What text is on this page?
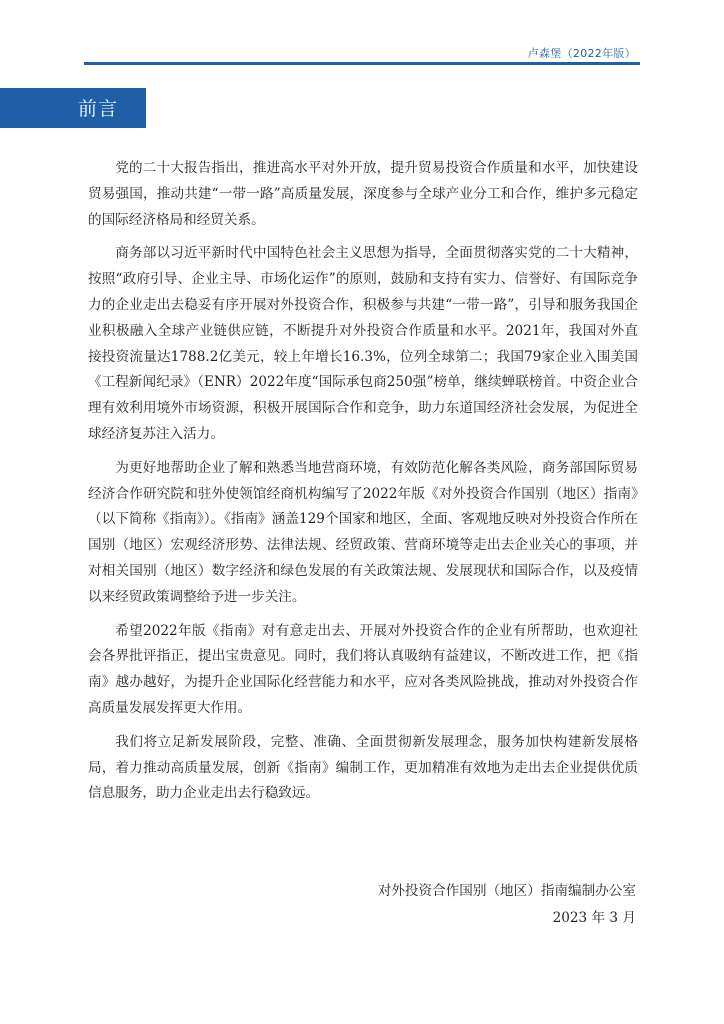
卢森堡（2022年版）
前言

党的二十大报告指出，推进高水平对外开放，提升贸易投资合作质量和水平，加快建设贸易强国，推动共建“一带一路”高质量发展，深度参与全球产业分工和合作，维护多元稳定的国际经济格局和经贸关系。

商务部以习近平新时代中国特色社会主义思想为指导，全面贯彻落实党的二十大精神，按照“政府引导、企业主导、市场化运作”的原则，鼓励和支持有实力、信誉好、有国际竞争力的企业走出去稳妥有序开展对外投资合作，积极参与共建“一带一路”，引导和服务我国企业积极融入全球产业链供应链，不断提升对外投资合作质量和水平。2021年，我国对外直接投资流量达1788.2亿美元，较上年增长16.3%，位列全球第二；我国79家企业入围美国《工程新闻纪录》（ENR）2022年度“国际承包商250强”榜单，继续蝉联榜首。中资企业合理有效利用境外市场资源，积极开展国际合作和竞争，助力东道国经济社会发展，为促进全球经济复苏注入活力。

为更好地帮助企业了解和熟悉当地营商环境，有效防范化解各类风险，商务部国际贸易经济合作研究院和驻外使领馆经商机构编写了2022年版《对外投资合作国别（地区）指南》（以下简称《指南》）。《指南》涵盖129个国家和地区，全面、客观地反映对外投资合作所在国别（地区）宏观经济形势、法律法规、经贸政策、营商环境等走出去企业关心的事项，并对相关国别（地区）数字经济和绿色发展的有关政策法规、发展现状和国际合作，以及疫情以来经贸政策调整给予进一步关注。

希望2022年版《指南》对有意走出去、开展对外投资合作的企业有所帮助，也欢迎社会各界批评指正，提出宝贵意见。同时，我们将认真吸纳有益建议，不断改进工作，把《指南》越办越好，为提升企业国际化经营能力和水平，应对各类风险挑战，推动对外投资合作高质量发展发挥更大作用。

我们将立足新发展阶段，完整、准确、全面贯彻新发展理念，服务加快构建新发展格局，着力推动高质量发展，创新《指南》编制工作，更加精准有效地为走出去企业提供优质信息服务，助力企业走出去行稳致远。

对外投资合作国别（地区）指南编制办公室
2023 年 3 月
